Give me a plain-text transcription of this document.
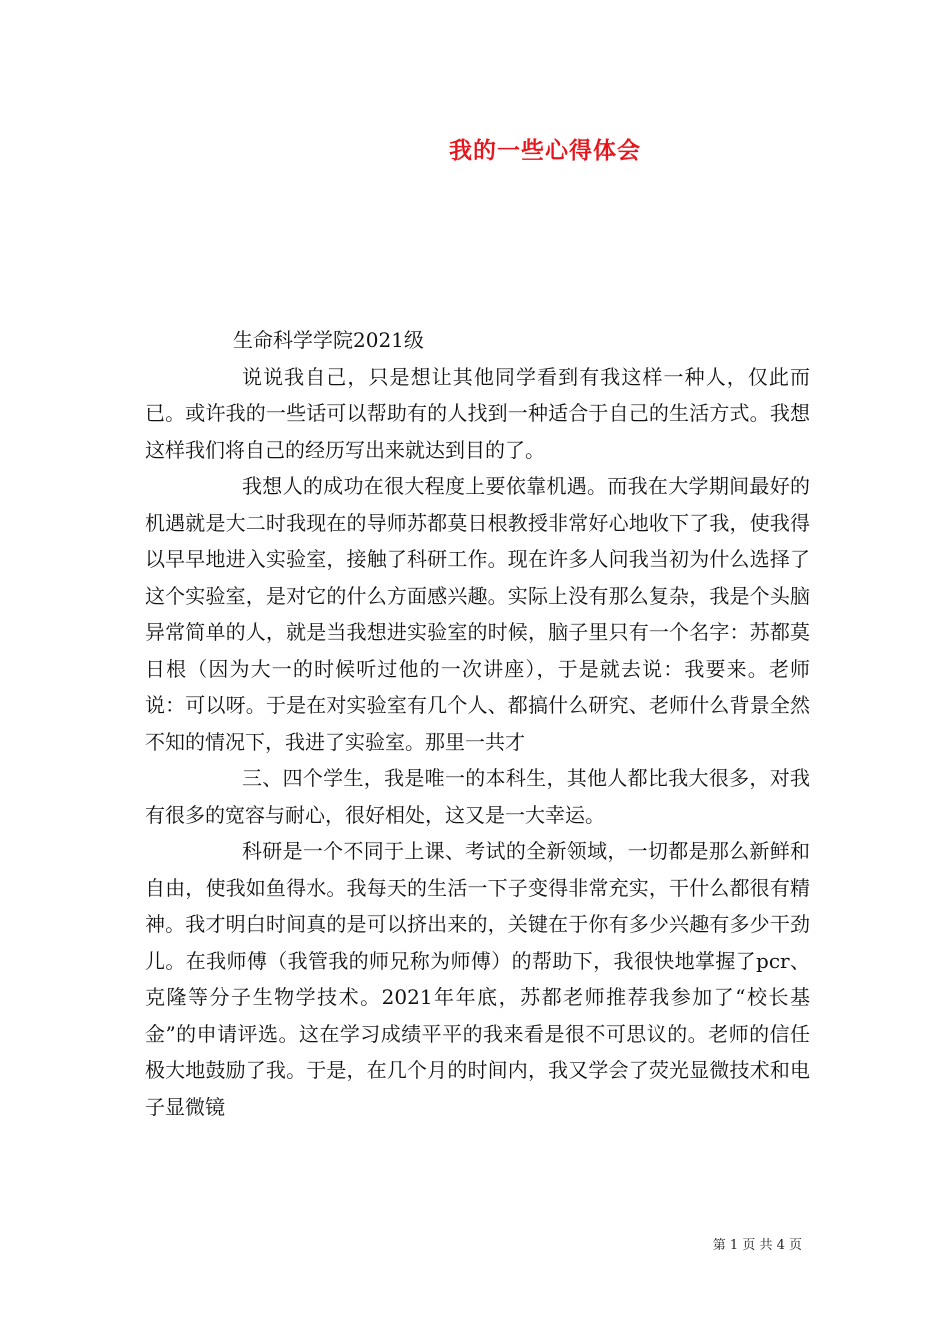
我的一些心得体会

生命科学学院2021级

说说我自己，只是想让其他同学看到有我这样一种人，仅此而已。或许我的一些话可以帮助有的人找到一种适合于自己的生活方式。我想这样我们将自己的经历写出来就达到目的了。

我想人的成功在很大程度上要依靠机遇。而我在大学期间最好的机遇就是大二时我现在的导师苏都莫日根教授非常好心地收下了我，使我得以早早地进入实验室，接触了科研工作。现在许多人问我当初为什么选择了这个实验室，是对它的什么方面感兴趣。实际上没有那么复杂，我是个头脑异常简单的人，就是当我想进实验室的时候，脑子里只有一个名字：苏都莫日根（因为大一的时候听过他的一次讲座），于是就去说：我要来。老师说：可以呀。于是在对实验室有几个人、都搞什么研究、老师什么背景全然不知的情况下，我进了实验室。那里一共才

三、四个学生，我是唯一的本科生，其他人都比我大很多，对我有很多的宽容与耐心，很好相处，这又是一大幸运。

科研是一个不同于上课、考试的全新领域，一切都是那么新鲜和自由，使我如鱼得水。我每天的生活一下子变得非常充实，干什么都很有精神。我才明白时间真的是可以挤出来的，关键在于你有多少兴趣有多少干劲儿。在我师傅（我管我的师兄称为师傅）的帮助下，我很快地掌握了pcr、克隆等分子生物学技术。2021年年底，苏都老师推荐我参加了“校长基金”的申请评选。这在学习成绩平平的我来看是很不可思议的。老师的信任极大地鼓励了我。于是，在几个月的时间内，我又学会了荧光显微技术和电子显微镜

第 1 页 共 4 页
